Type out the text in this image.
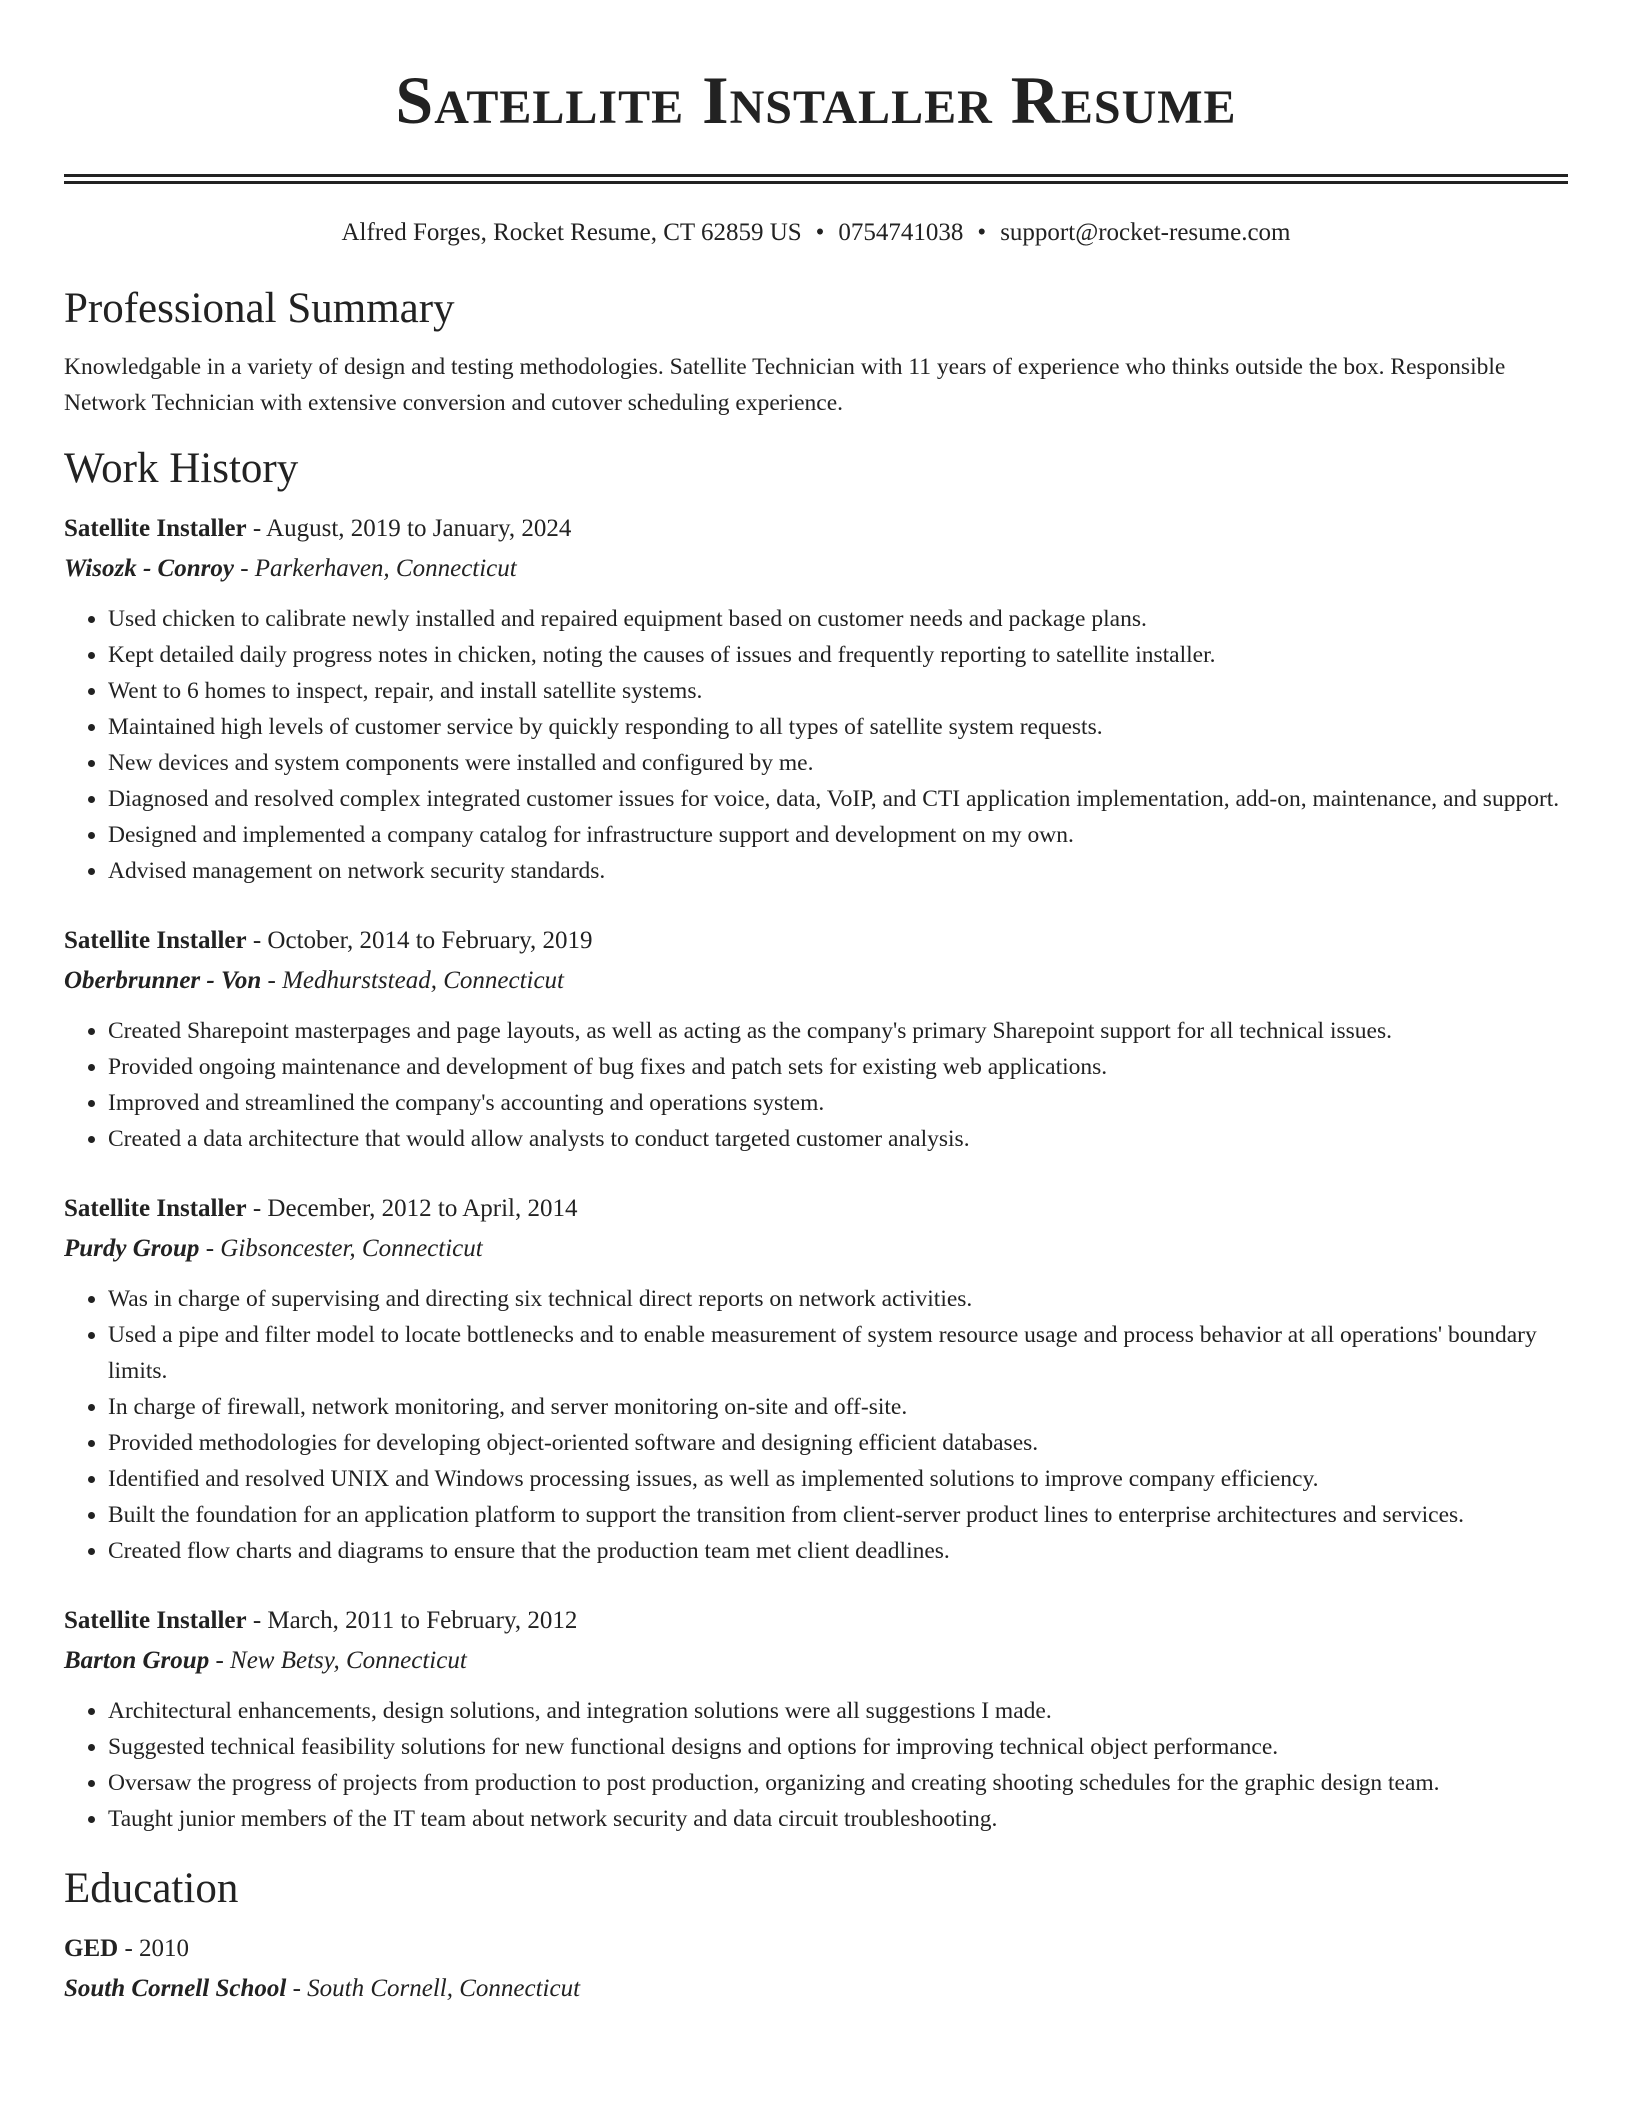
Satellite Installer Resume
Alfred Forges, Rocket Resume, CT 62859 US • 0754741038 • support@rocket-resume.com
Professional Summary

Knowledgable in a variety of design and testing methodologies. Satellite Technician with 11 years of experience who thinks outside the box. Responsible Network Technician with extensive conversion and cutover scheduling experience.

Work History
Satellite Installer - August, 2019 to January, 2024
Wisozk - Conroy - Parkerhaven, Connecticut
• Used chicken to calibrate newly installed and repaired equipment based on customer needs and package plans.
• Kept detailed daily progress notes in chicken, noting the causes of issues and frequently reporting to satellite installer.
• Went to 6 homes to inspect, repair, and install satellite systems.
• Maintained high levels of customer service by quickly responding to all types of satellite system requests.
• New devices and system components were installed and configured by me.
• Diagnosed and resolved complex integrated customer issues for voice, data, VoIP, and CTI application implementation, add-on, maintenance, and support.
• Designed and implemented a company catalog for infrastructure support and development on my own.
• Advised management on network security standards.
Satellite Installer - October, 2014 to February, 2019
Oberbrunner - Von - Medhurststead, Connecticut
• Created Sharepoint masterpages and page layouts, as well as acting as the company's primary Sharepoint support for all technical issues.
• Provided ongoing maintenance and development of bug fixes and patch sets for existing web applications.
• Improved and streamlined the company's accounting and operations system.
• Created a data architecture that would allow analysts to conduct targeted customer analysis.
Satellite Installer - December, 2012 to April, 2014
Purdy Group - Gibsoncester, Connecticut
• Was in charge of supervising and directing six technical direct reports on network activities.
• Used a pipe and filter model to locate bottlenecks and to enable measurement of system resource usage and process behavior at all operations' boundary limits.
• In charge of firewall, network monitoring, and server monitoring on-site and off-site.
• Provided methodologies for developing object-oriented software and designing efficient databases.
• Identified and resolved UNIX and Windows processing issues, as well as implemented solutions to improve company efficiency.
• Built the foundation for an application platform to support the transition from client-server product lines to enterprise architectures and services.
• Created flow charts and diagrams to ensure that the production team met client deadlines.
Satellite Installer - March, 2011 to February, 2012
Barton Group - New Betsy, Connecticut
• Architectural enhancements, design solutions, and integration solutions were all suggestions I made.
• Suggested technical feasibility solutions for new functional designs and options for improving technical object performance.
• Oversaw the progress of projects from production to post production, organizing and creating shooting schedules for the graphic design team.
• Taught junior members of the IT team about network security and data circuit troubleshooting.
Education
GED - 2010
South Cornell School - South Cornell, Connecticut
